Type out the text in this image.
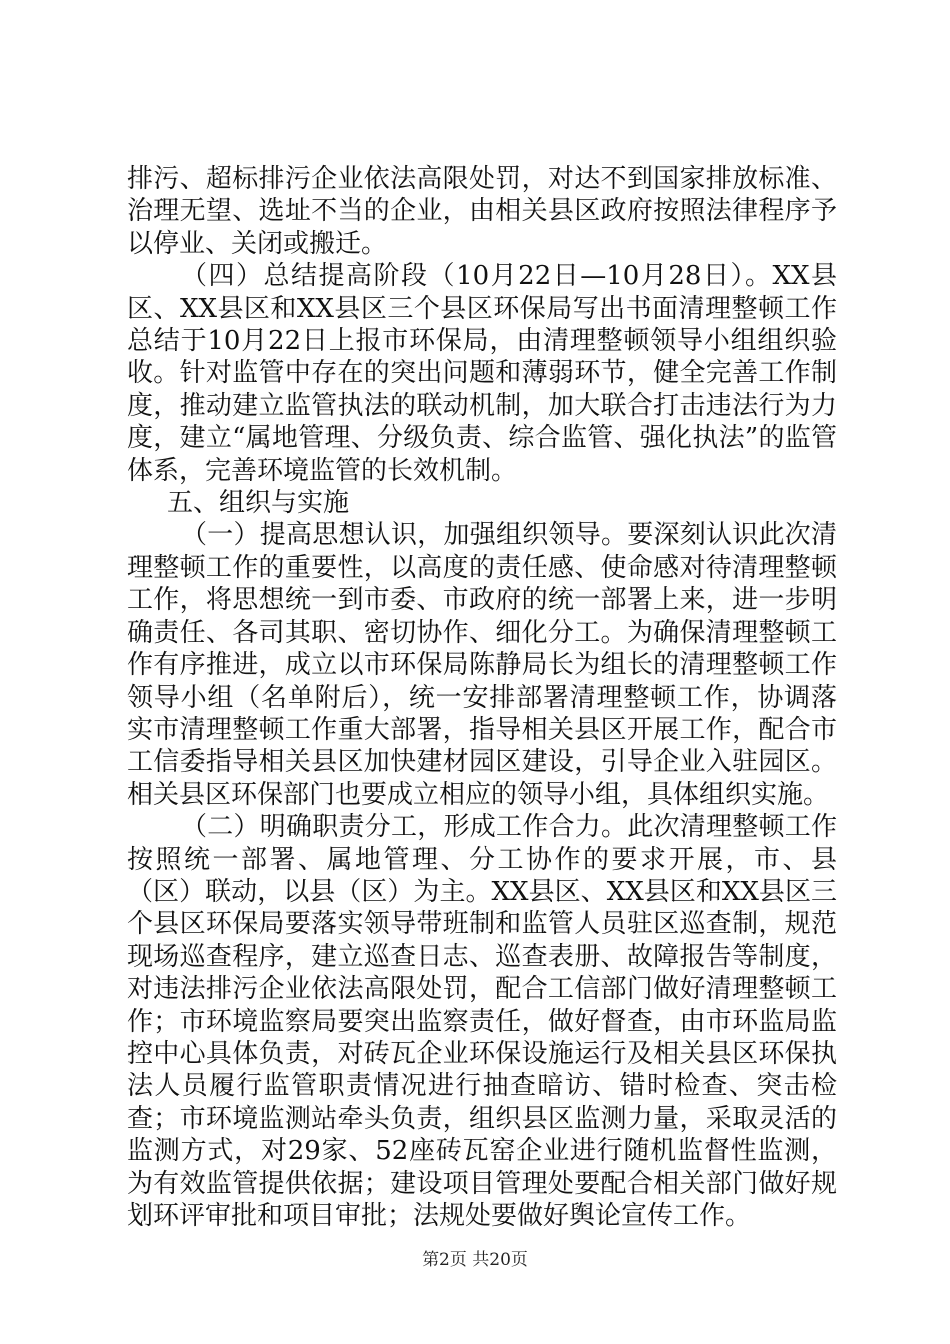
排污、超标排污企业依法高限处罚，对达不到国家排放标准、治理无望、选址不当的企业，由相关县区政府按照法律程序予以停业、关闭或搬迁。

（四）总结提高阶段（10月22日—10月28日）。XX县区、XX县区和XX县区三个县区环保局写出书面清理整顿工作总结于10月22日上报市环保局，由清理整顿领导小组组织验收。针对监管中存在的突出问题和薄弱环节，健全完善工作制度，推动建立监管执法的联动机制，加大联合打击违法行为力度，建立“属地管理、分级负责、综合监管、强化执法”的监管体系，完善环境监管的长效机制。

五、组织与实施

（一）提高思想认识，加强组织领导。要深刻认识此次清理整顿工作的重要性，以高度的责任感、使命感对待清理整顿工作，将思想统一到市委、市政府的统一部署上来，进一步明确责任、各司其职、密切协作、细化分工。为确保清理整顿工作有序推进，成立以市环保局陈静局长为组长的清理整顿工作领导小组（名单附后），统一安排部署清理整顿工作，协调落实市清理整顿工作重大部署，指导相关县区开展工作，配合市工信委指导相关县区加快建材园区建设，引导企业入驻园区。相关县区环保部门也要成立相应的领导小组，具体组织实施。

（二）明确职责分工，形成工作合力。此次清理整顿工作按照统一部署、属地管理、分工协作的要求开展，市、县（区）联动，以县（区）为主。XX县区、XX县区和XX县区三个县区环保局要落实领导带班制和监管人员驻区巡查制，规范现场巡查程序，建立巡查日志、巡查表册、故障报告等制度，对违法排污企业依法高限处罚，配合工信部门做好清理整顿工作；市环境监察局要突出监察责任，做好督查，由市环监局监控中心具体负责，对砖瓦企业环保设施运行及相关县区环保执法人员履行监管职责情况进行抽查暗访、错时检查、突击检查；市环境监测站牵头负责，组织县区监测力量，采取灵活的监测方式，对29家、52座砖瓦窑企业进行随机监督性监测，为有效监管提供依据；建设项目管理处要配合相关部门做好规划环评审批和项目审批；法规处要做好舆论宣传工作。

第2页 共20页
